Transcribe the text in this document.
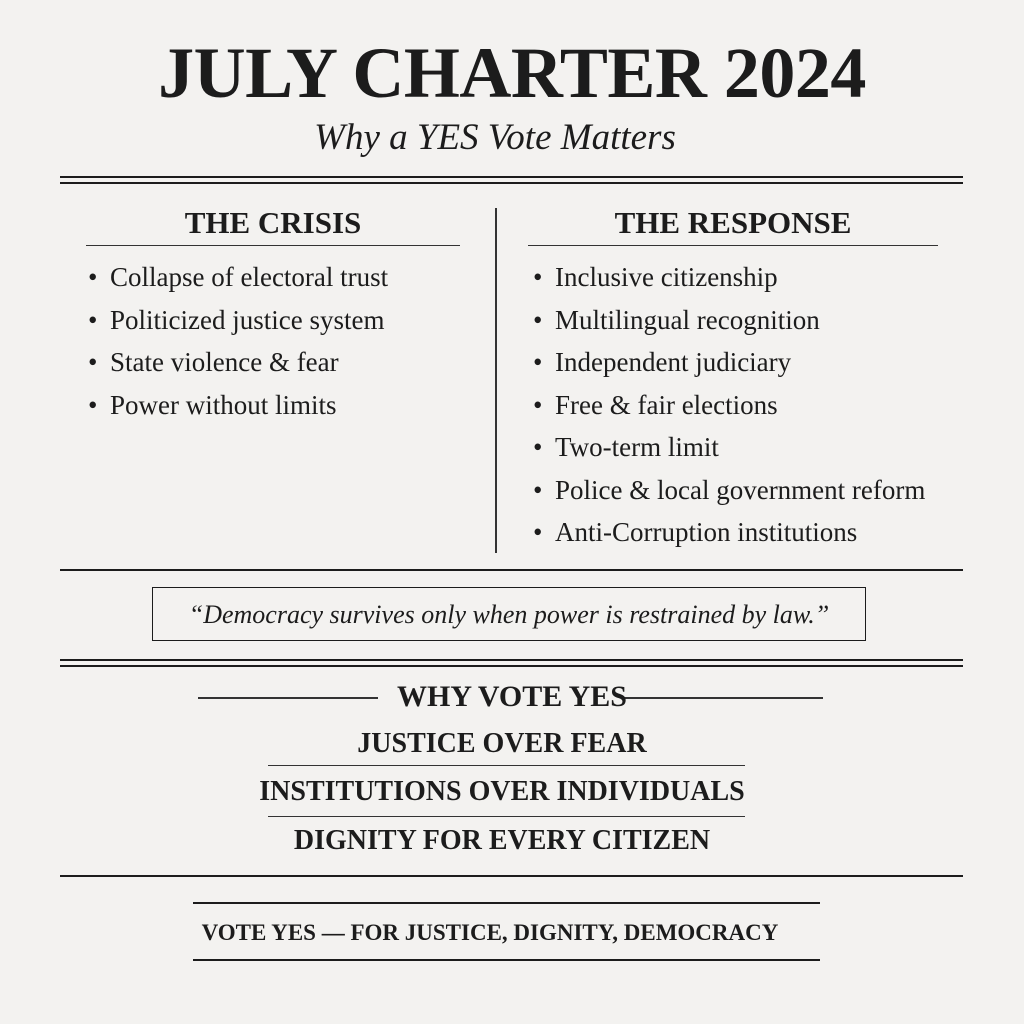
JULY CHARTER 2024
Why a YES Vote Matters
THE CRISIS
• Collapse of electoral trust
• Politicized justice system
• State violence & fear
• Power without limits
THE RESPONSE
• Inclusive citizenship
• Multilingual recognition
• Independent judiciary
• Free & fair elections
• Two-term limit
• Police & local government reform
• Anti-Corruption institutions
“Democracy survives only when power is restrained by law.”
WHY VOTE YES
JUSTICE OVER FEAR
INSTITUTIONS OVER INDIVIDUALS
DIGNITY FOR EVERY CITIZEN
VOTE YES — FOR JUSTICE, DIGNITY, DEMOCRACY
